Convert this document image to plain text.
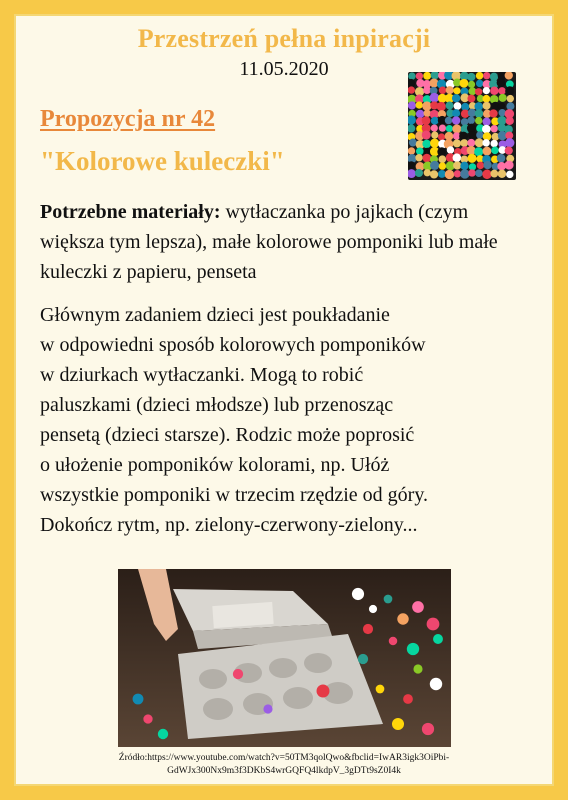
Przestrzeń pełna inpiracji
11.05.2020
Propozycja nr 42
"Kolorowe kuleczki"
Potrzebne materiały: wytłaczanka po jajkach (czym większa tym lepsza), małe kolorowe pomponiki lub małe kuleczki z papieru, penseta
Głównym zadaniem dzieci jest poukładanie
w odpowiedni sposób kolorowych pomponików
w dziurkach wytłaczanki. Mogą to robić
paluszkami (dzieci młodsze) lub przenosząc
pensetą (dzieci starsze). Rodzic może poprosić
o ułożenie pomponików kolorami, np. Ułóż
wszystkie pomponiki w trzecim rzędzie od góry.
Dokończ rytm, np. zielony-czerwony-zielony...
Źródło:https://www.youtube.com/watch?v=50TM3qolQwo&fbclid=IwAR3igk3OiPbi-
GdWJx300Nx9m3f3DKbS4wrGQFQ4lkdpV_3gDTt9sZ0I4k
